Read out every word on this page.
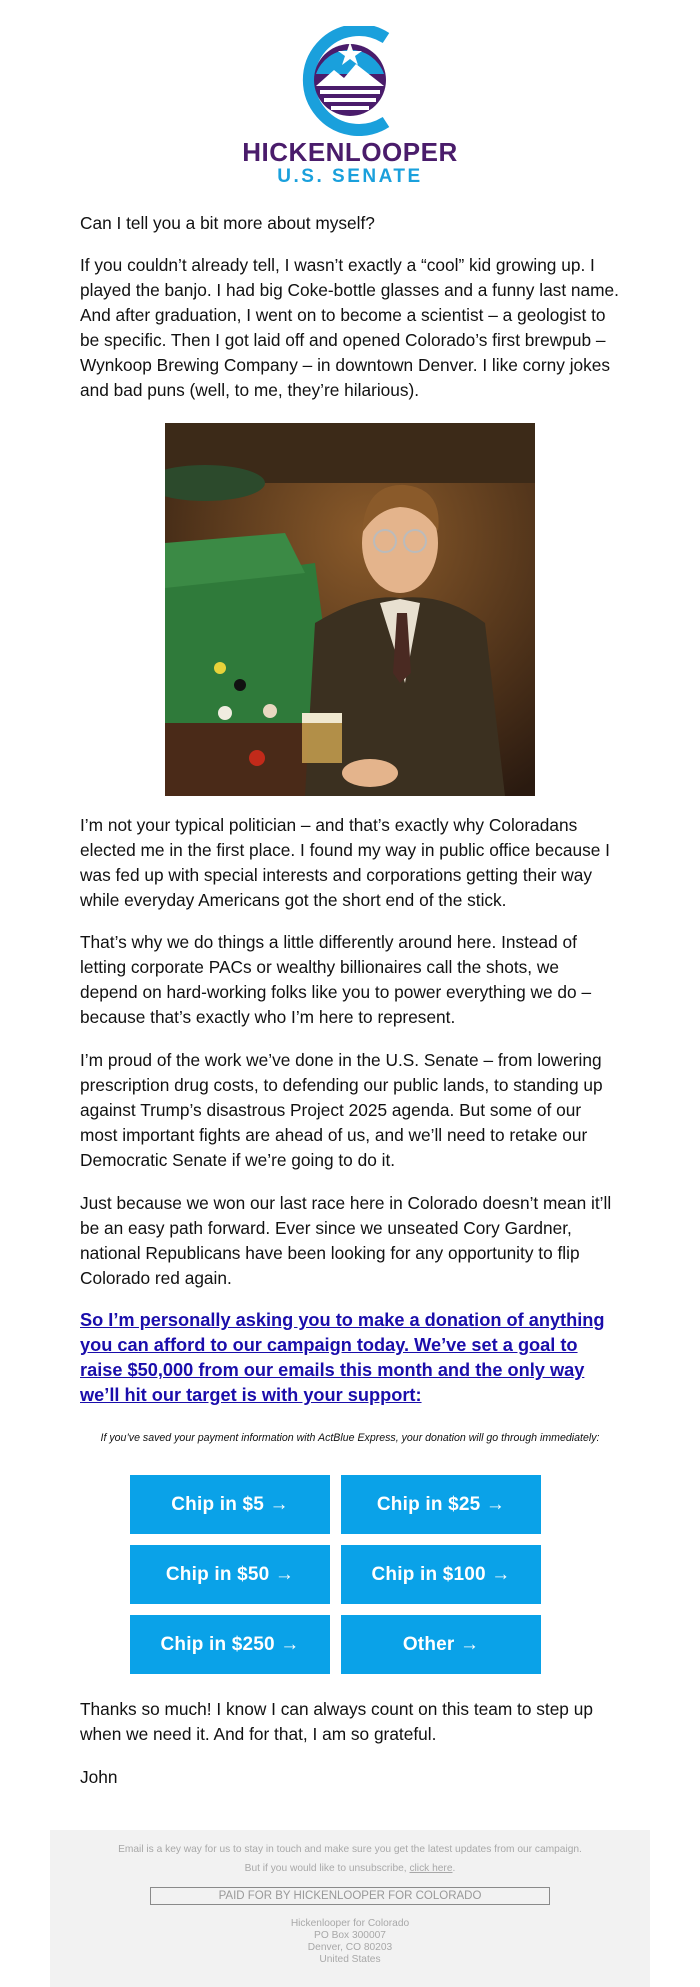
HICKENLOOPER
U.S. SENATE

Can I tell you a bit more about myself?

If you couldn’t already tell, I wasn’t exactly a “cool” kid growing up. I played the banjo. I had big Coke-bottle glasses and a funny last name. And after graduation, I went on to become a scientist – a geologist to be specific. Then I got laid off and opened Colorado’s first brewpub – Wynkoop Brewing Company – in downtown Denver. I like corny jokes and bad puns (well, to me, they’re hilarious).

I’m not your typical politician – and that’s exactly why Coloradans elected me in the first place. I found my way in public office because I was fed up with special interests and corporations getting their way while everyday Americans got the short end of the stick.

That’s why we do things a little differently around here. Instead of letting corporate PACs or wealthy billionaires call the shots, we depend on hard-working folks like you to power everything we do – because that’s exactly who I’m here to represent.

I’m proud of the work we’ve done in the U.S. Senate – from lowering prescription drug costs, to defending our public lands, to standing up against Trump’s disastrous Project 2025 agenda. But some of our most important fights are ahead of us, and we’ll need to retake our Democratic Senate if we’re going to do it.

Just because we won our last race here in Colorado doesn’t mean it’ll be an easy path forward. Ever since we unseated Cory Gardner, national Republicans have been looking for any opportunity to flip Colorado red again.

So I’m personally asking you to make a donation of anything you can afford to our campaign today. We’ve set a goal to raise $50,000 from our emails this month and the only way we’ll hit our target is with your support:
If you’ve saved your payment information with ActBlue Express, your donation will go through immediately:
Chip in $5 →	Chip in $25 →
Chip in $50 →	Chip in $100 →
Chip in $250 →	Other →

Thanks so much! I know I can always count on this team to step up when we need it. And for that, I am so grateful.

John

Email is a key way for us to stay in touch and make sure you get the latest updates from our campaign.
But if you would like to unsubscribe, click here.
PAID FOR BY HICKENLOOPER FOR COLORADO
Hickenlooper for Colorado
PO Box 300007
Denver, CO 80203
United States
